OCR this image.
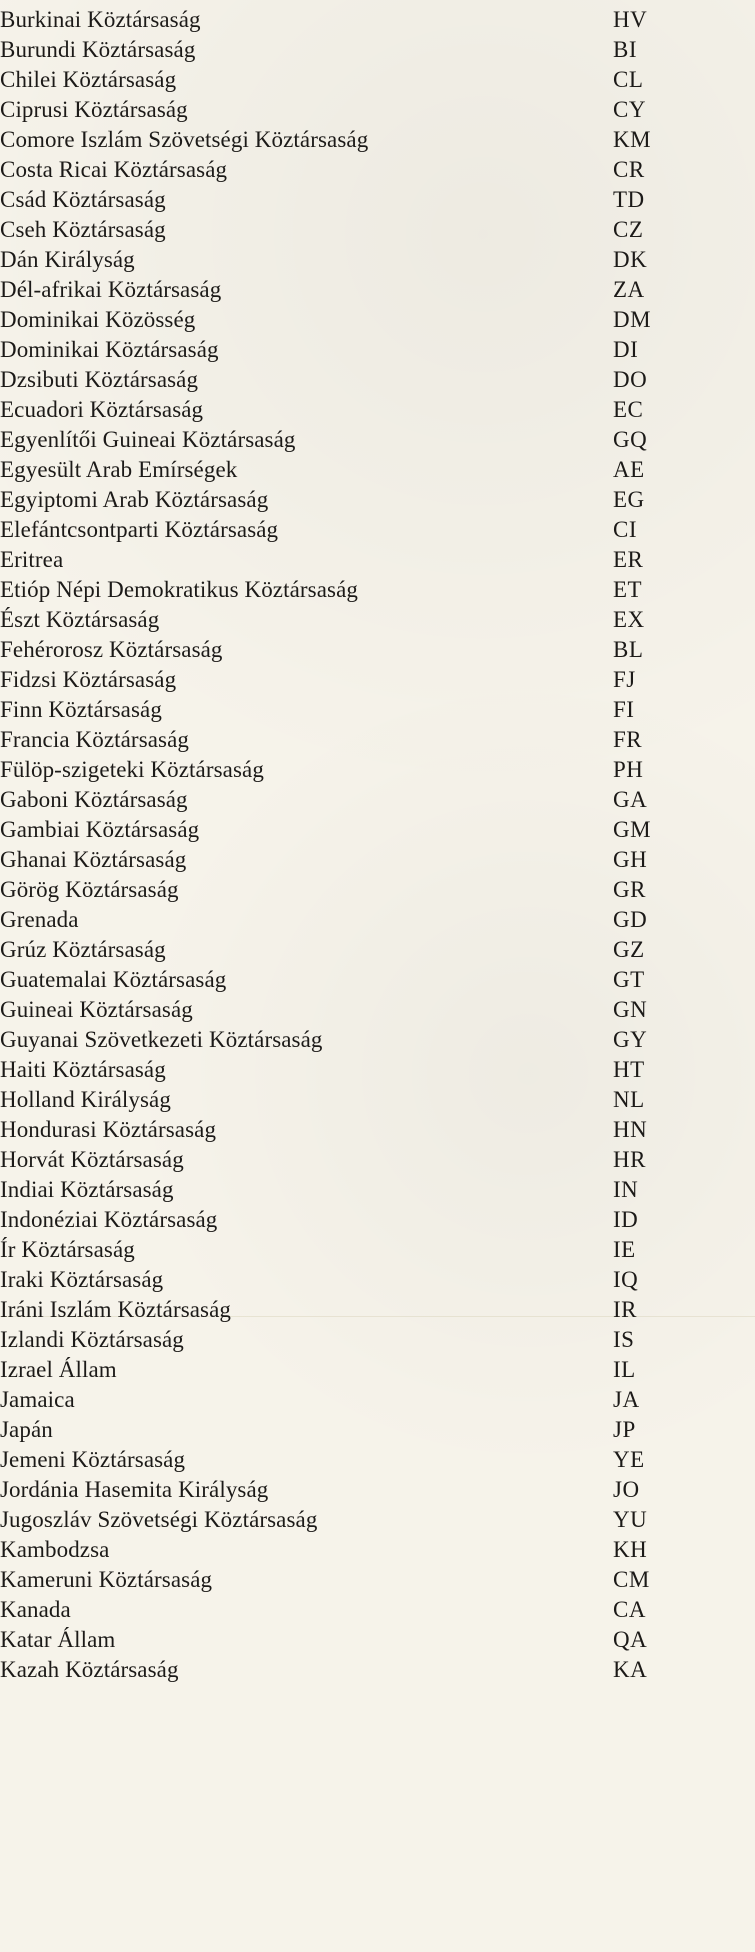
Burkinai Köztársaság	HV
Burundi Köztársaság	BI
Chilei Köztársaság	CL
Ciprusi Köztársaság	CY
Comore Iszlám Szövetségi Köztársaság	KM
Costa Ricai Köztársaság	CR
Csád Köztársaság	TD
Cseh Köztársaság	CZ
Dán Királyság	DK
Dél-afrikai Köztársaság	ZA
Dominikai Közösség	DM
Dominikai Köztársaság	DI
Dzsibuti Köztársaság	DO
Ecuadori Köztársaság	EC
Egyenlítői Guineai Köztársaság	GQ
Egyesült Arab Emírségek	AE
Egyiptomi Arab Köztársaság	EG
Elefántcsontparti Köztársaság	CI
Eritrea	ER
Etióp Népi Demokratikus Köztársaság	ET
Észt Köztársaság	EX
Fehérorosz Köztársaság	BL
Fidzsi Köztársaság	FJ
Finn Köztársaság	FI
Francia Köztársaság	FR
Fülöp-szigeteki Köztársaság	PH
Gaboni Köztársaság	GA
Gambiai Köztársaság	GM
Ghanai Köztársaság	GH
Görög Köztársaság	GR
Grenada	GD
Grúz Köztársaság	GZ
Guatemalai Köztársaság	GT
Guineai Köztársaság	GN
Guyanai Szövetkezeti Köztársaság	GY
Haiti Köztársaság	HT
Holland Királyság	NL
Hondurasi Köztársaság	HN
Horvát Köztársaság	HR
Indiai Köztársaság	IN
Indonéziai Köztársaság	ID
Ír Köztársaság	IE
Iraki Köztársaság	IQ
Iráni Iszlám Köztársaság	IR
Izlandi Köztársaság	IS
Izrael Állam	IL
Jamaica	JA
Japán	JP
Jemeni Köztársaság	YE
Jordánia Hasemita Királyság	JO
Jugoszláv Szövetségi Köztársaság	YU
Kambodzsa	KH
Kameruni Köztársaság	CM
Kanada	CA
Katar Állam	QA
Kazah Köztársaság	KA
